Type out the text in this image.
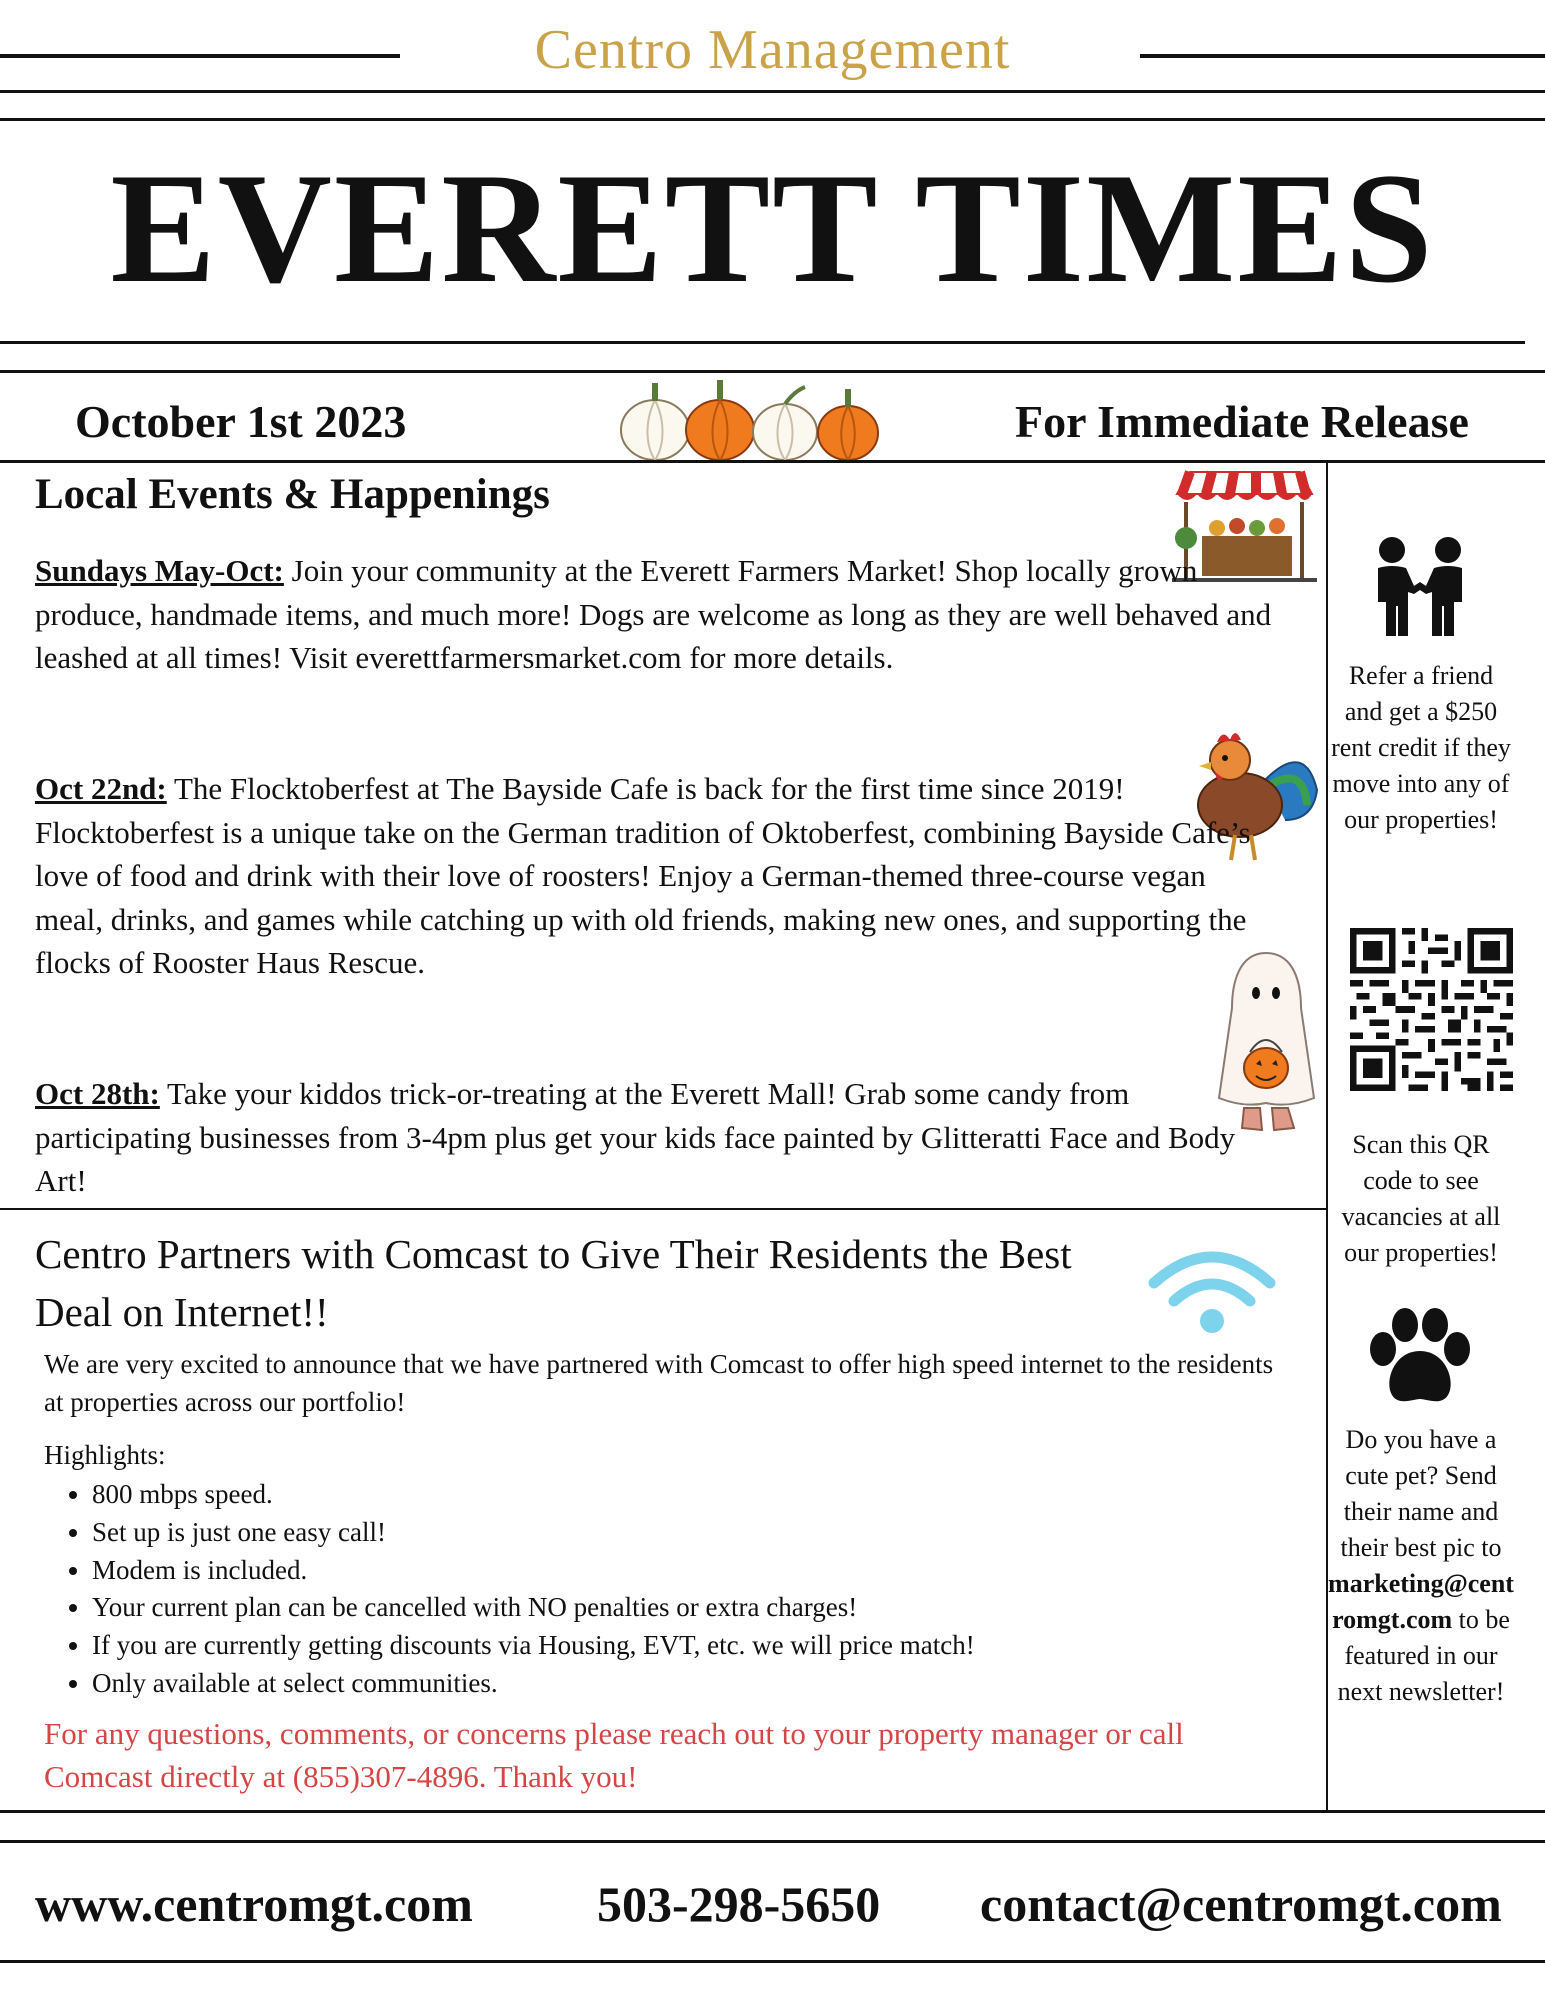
Centro Management
EVERETT TIMES
October 1st 2023	For Immediate Release
Local Events & Happenings
Sundays May-Oct: Join your community at the Everett Farmers Market! Shop locally grown produce, handmade items, and much more! Dogs are welcome as long as they are well behaved and leashed at all times! Visit everettfarmersmarket.com for more details.
Oct 22nd: The Flocktoberfest at The Bayside Cafe is back for the first time since 2019! Flocktoberfest is a unique take on the German tradition of Oktoberfest, combining Bayside Cafe’s love of food and drink with their love of roosters! Enjoy a German-themed three-course vegan meal, drinks, and games while catching up with old friends, making new ones, and supporting the flocks of Rooster Haus Rescue.
Oct 28th: Take your kiddos trick-or-treating at the Everett Mall! Grab some candy from participating businesses from 3-4pm plus get your kids face painted by Glitteratti Face and Body Art!
Centro Partners with Comcast to Give Their Residents the Best Deal on Internet!!
We are very excited to announce that we have partnered with Comcast to offer high speed internet to the residents at properties across our portfolio!
Highlights:
• 800 mbps speed.
• Set up is just one easy call!
• Modem is included.
• Your current plan can be cancelled with NO penalties or extra charges!
• If you are currently getting discounts via Housing, EVT, etc. we will price match!
• Only available at select communities.
For any questions, comments, or concerns please reach out to your property manager or call Comcast directly at (855)307-4896. Thank you!
Refer a friend and get a $250 rent credit if they move into any of our properties!
Scan this QR code to see vacancies at all our properties!
Do you have a cute pet? Send their name and their best pic to marketing@centromgt.com to be featured in our next newsletter!
www.centromgt.com 503-298-5650 contact@centromgt.com
